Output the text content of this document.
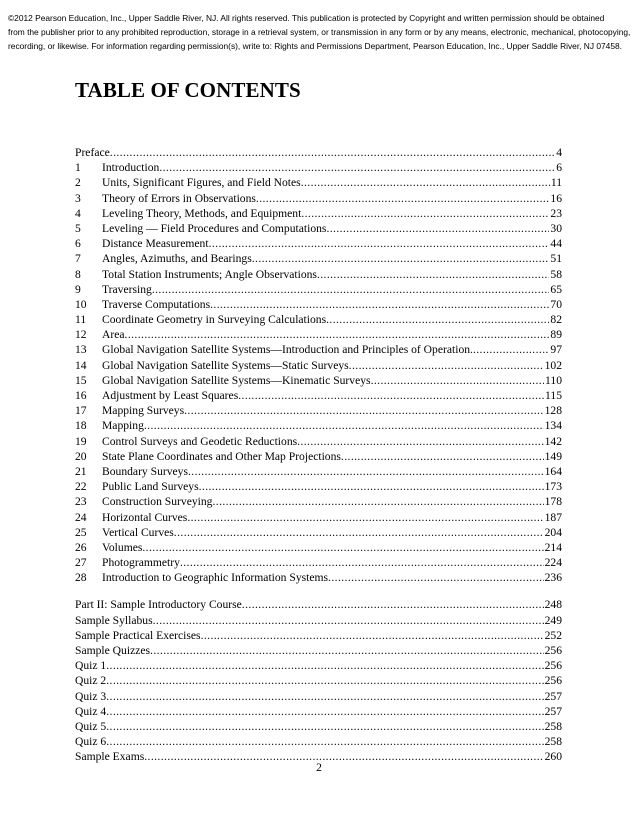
©2012 Pearson Education, Inc., Upper Saddle River, NJ. All rights reserved. This publication is protected by Copyright and written permission should be obtained
from the publisher prior to any prohibited reproduction, storage in a retrieval system, or transmission in any form or by any means, electronic, mechanical, photocopying,
recording, or likewise. For information regarding permission(s), write to: Rights and Permissions Department, Pearson Education, Inc., Upper Saddle River, NJ 07458.
TABLE OF CONTENTS
Preface .....	4
1	Introduction .....	6
2	Units, Significant Figures, and Field Notes .....	11
3	Theory of Errors in Observations .....	16
4	Leveling Theory, Methods, and Equipment .....	23
5	Leveling — Field Procedures and Computations .....	30
6	Distance Measurement .....	44
7	Angles, Azimuths, and Bearings .....	51
8	Total Station Instruments; Angle Observations .....	58
9	Traversing .....	65
10	Traverse Computations .....	70
11	Coordinate Geometry in Surveying Calculations .....	82
12	Area .....	89
13	Global Navigation Satellite Systems—Introduction and Principles of Operation. .....	97
14	Global Navigation Satellite Systems—Static Surveys .....	102
15	Global Navigation Satellite Systems—Kinematic Surveys .....	110
16	Adjustment by Least Squares .....	115
17	Mapping Surveys .....	128
18	Mapping .....	134
19	Control Surveys and Geodetic Reductions .....	142
20	State Plane Coordinates and Other Map Projections .....	149
21	Boundary Surveys .....	164
22	Public Land Surveys .....	173
23	Construction Surveying .....	178
24	Horizontal Curves .....	187
25	Vertical Curves .....	204
26	Volumes .....	214
27	Photogrammetry .....	224
28	Introduction to Geographic Information Systems .....	236
Part II: Sample Introductory Course .....	248
Sample Syllabus .....	249
Sample Practical Exercises .....	252
Sample Quizzes .....	256
Quiz 1 .....	256
Quiz 2 .....	256
Quiz 3 .....	257
Quiz 4 .....	257
Quiz 5 .....	258
Quiz 6 .....	258
Sample Exams .....	260
2
